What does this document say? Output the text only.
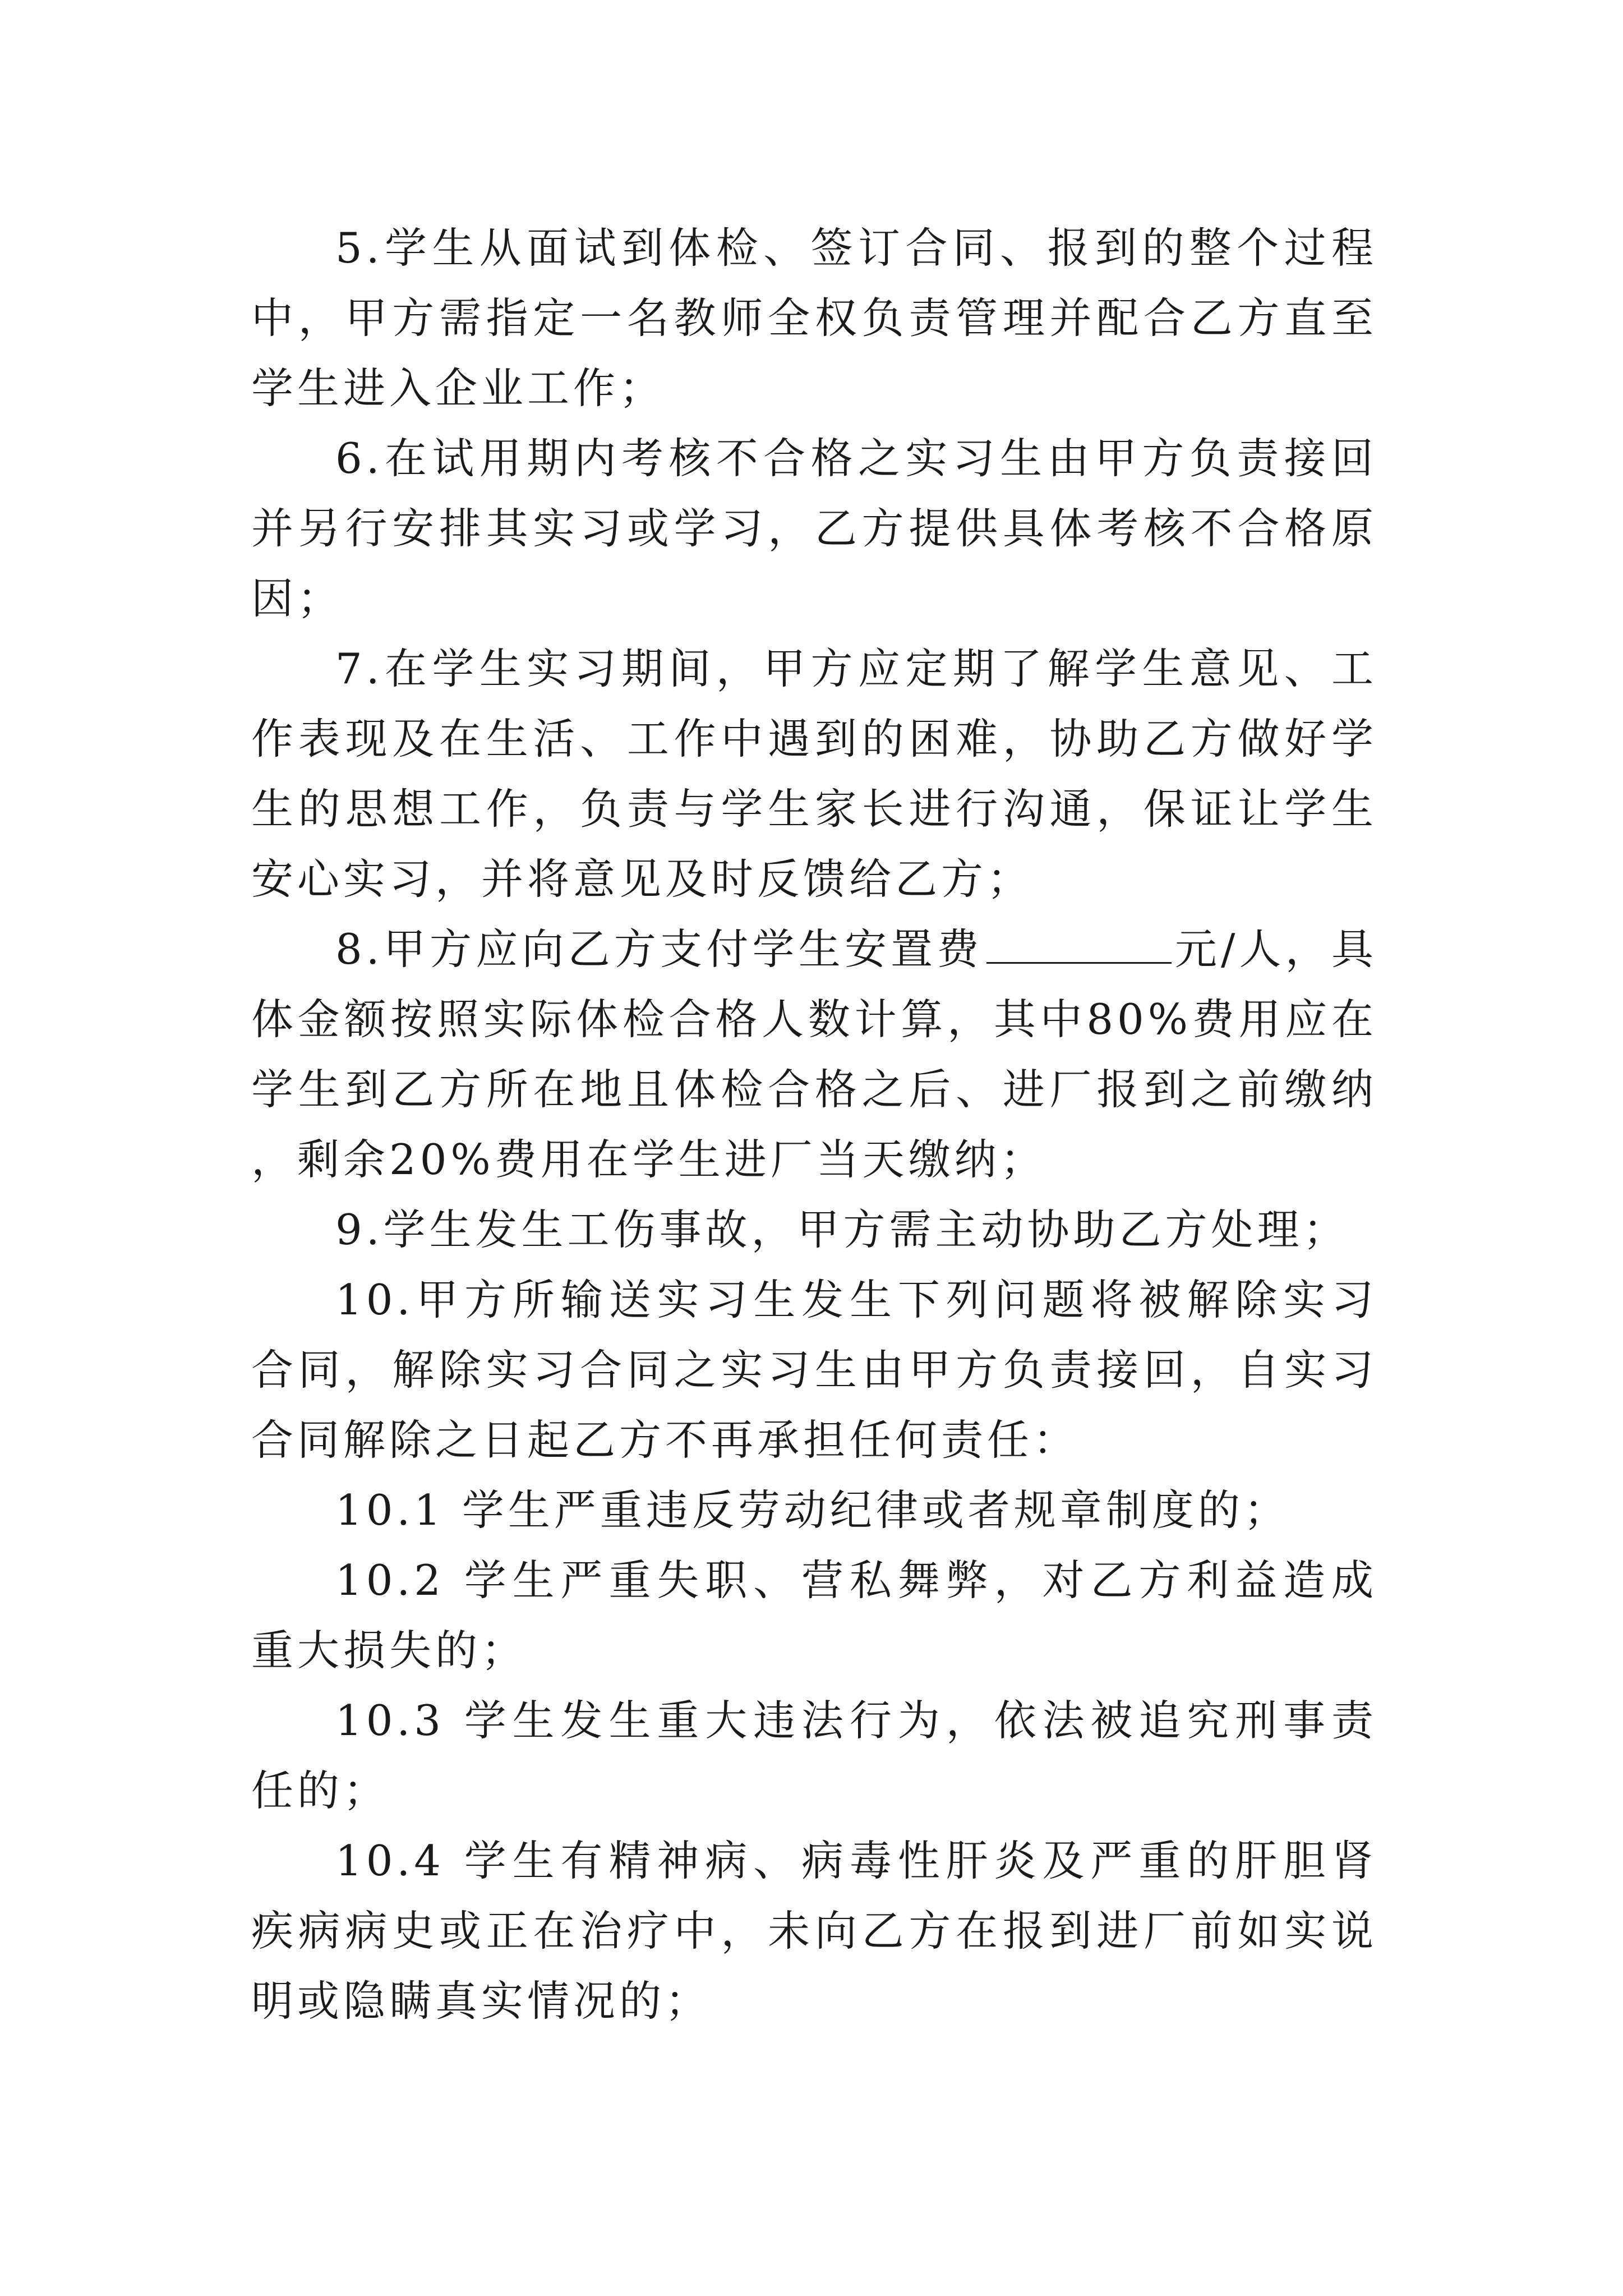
5.学生从面试到体检、签订合同、报到的整个过程中，甲方需指定一名教师全权负责管理并配合乙方直至学生进入企业工作；

6.在试用期内考核不合格之实习生由甲方负责接回并另行安排其实习或学习，乙方提供具体考核不合格原因；

7.在学生实习期间，甲方应定期了解学生意见、工作表现及在生活、工作中遇到的困难，协助乙方做好学生的思想工作，负责与学生家长进行沟通，保证让学生安心实习，并将意见及时反馈给乙方；

8.甲方应向乙方支付学生安置费	元/人，具体金额按照实际体检合格人数计算，其中80%费用应在学生到乙方所在地且体检合格之后、进厂报到之前缴纳，剩余20%费用在学生进厂当天缴纳；

9.学生发生工伤事故，甲方需主动协助乙方处理；

10.甲方所输送实习生发生下列问题将被解除实习合同，解除实习合同之实习生由甲方负责接回，自实习合同解除之日起乙方不再承担任何责任：

10.1 学生严重违反劳动纪律或者规章制度的；

10.2 学生严重失职、营私舞弊，对乙方利益造成重大损失的；

10.3 学生发生重大违法行为，依法被追究刑事责任的；

10.4 学生有精神病、病毒性肝炎及严重的肝胆肾疾病病史或正在治疗中，未向乙方在报到进厂前如实说明或隐瞒真实情况的；
